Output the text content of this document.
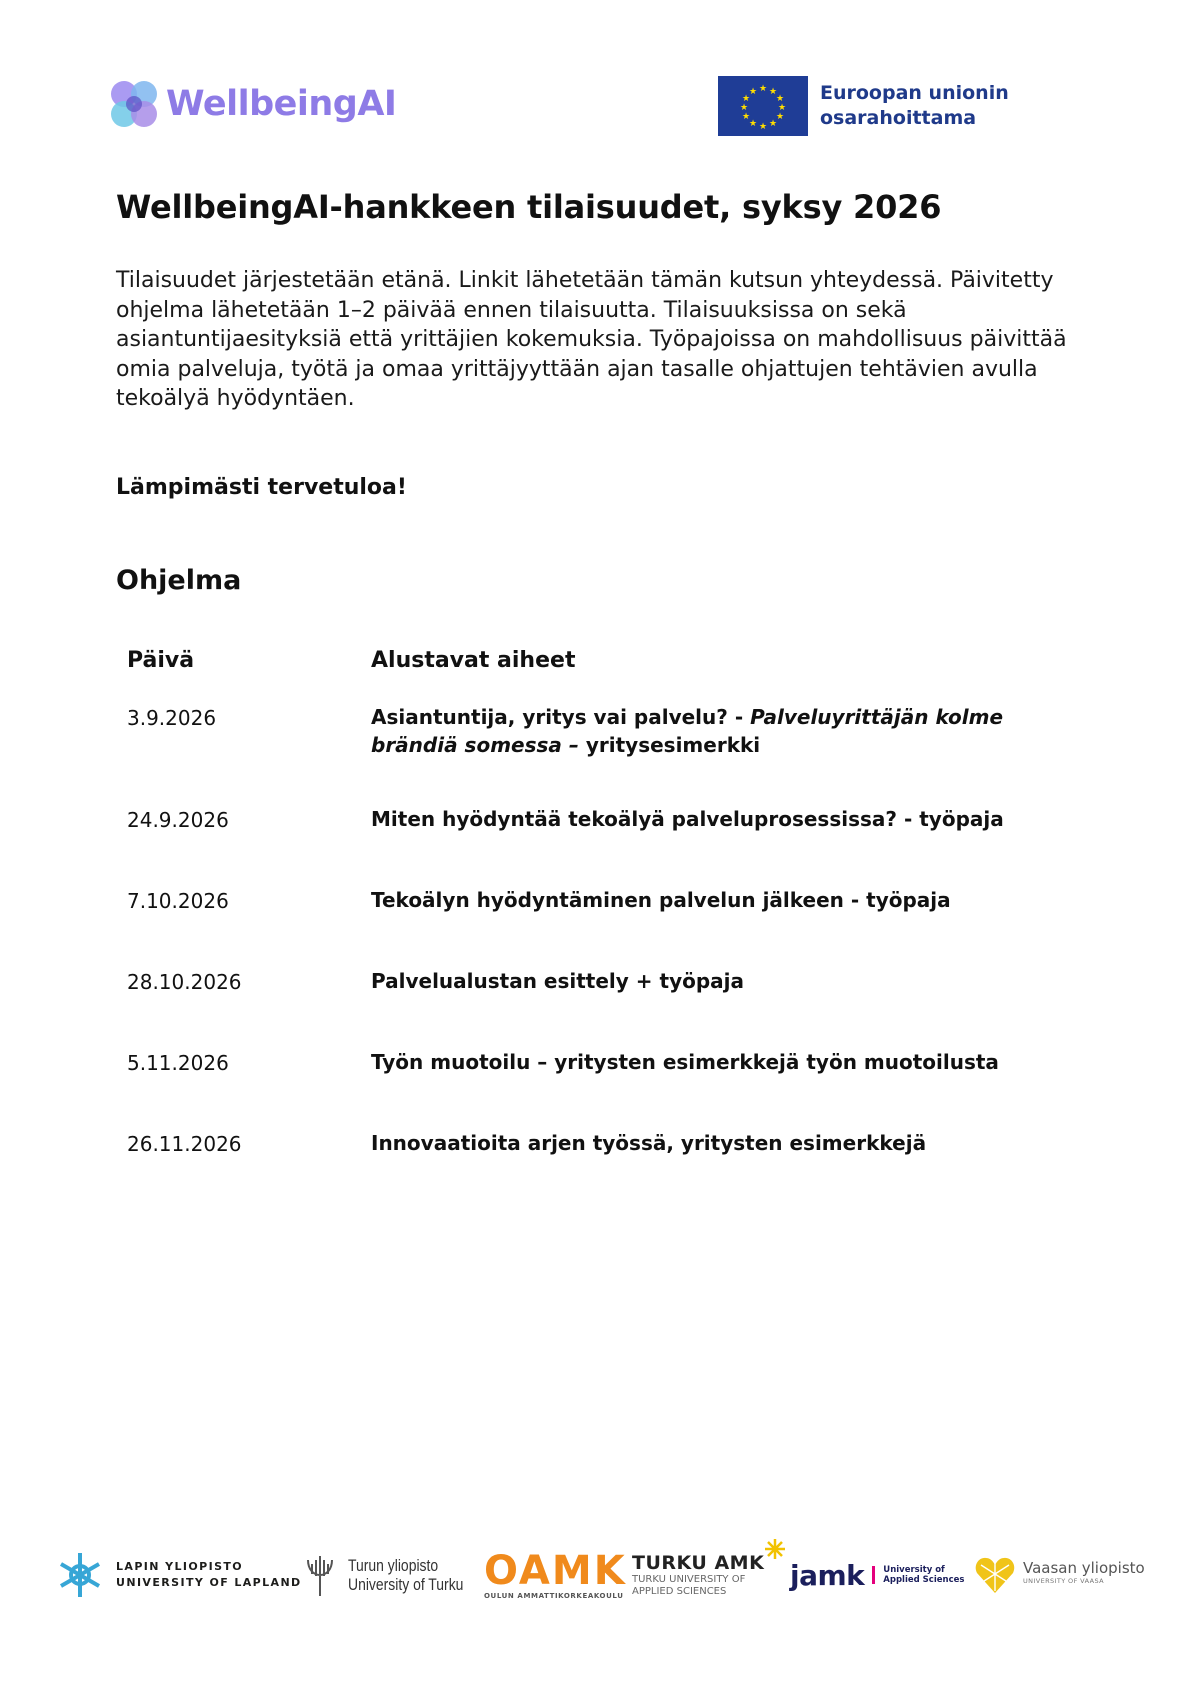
WellbeingAI	★ ★
★
★
★
★
★
★
★
★
★
★	Euroopan unionin
osarahoittama
WellbeingAI-hankkeen tilaisuudet, syksy 2026

Tilaisuudet järjestetään etänä. Linkit lähetetään tämän kutsun yhteydessä. Päivitetty ohjelma lähetetään 1–2 päivää ennen tilaisuutta. Tilaisuuksissa on sekä asiantuntijaesityksiä että yrittäjien kokemuksia. Työpajoissa on mahdollisuus päivittää omia palveluja, työtä ja omaa yrittäjyyttään ajan tasalle ohjattujen tehtävien avulla tekoälyä hyödyntäen.

Lämpimästi tervetuloa!

Ohjelma
Päivä	Alustavat aiheet
3.9.2026	Asiantuntija, yritys vai palvelu? - Palveluyrittäjän kolme brändiä somessa – yritysesimerkki
24.9.2026	Miten hyödyntää tekoälyä palveluprosessissa? - työpaja
7.10.2026	Tekoälyn hyödyntäminen palvelun jälkeen - työpaja
28.10.2026	Palvelualustan esittely + työpaja
5.11.2026	Työn muotoilu – yritysten esimerkkejä työn muotoilusta
26.11.2026	Innovaatioita arjen työssä, yritysten esimerkkejä
LAPIN YLIOPISTO
UNIVERSITY OF LAPLAND
Turun yliopisto
University of Turku OAMK
OULUN AMMATTIKORKEAKOULU
TURKU AMK
TURKU UNIVERSITY OF
APPLIED SCIENCES jamk University of
Applied Sciences
Vaasan yliopisto
UNIVERSITY OF VAASA
